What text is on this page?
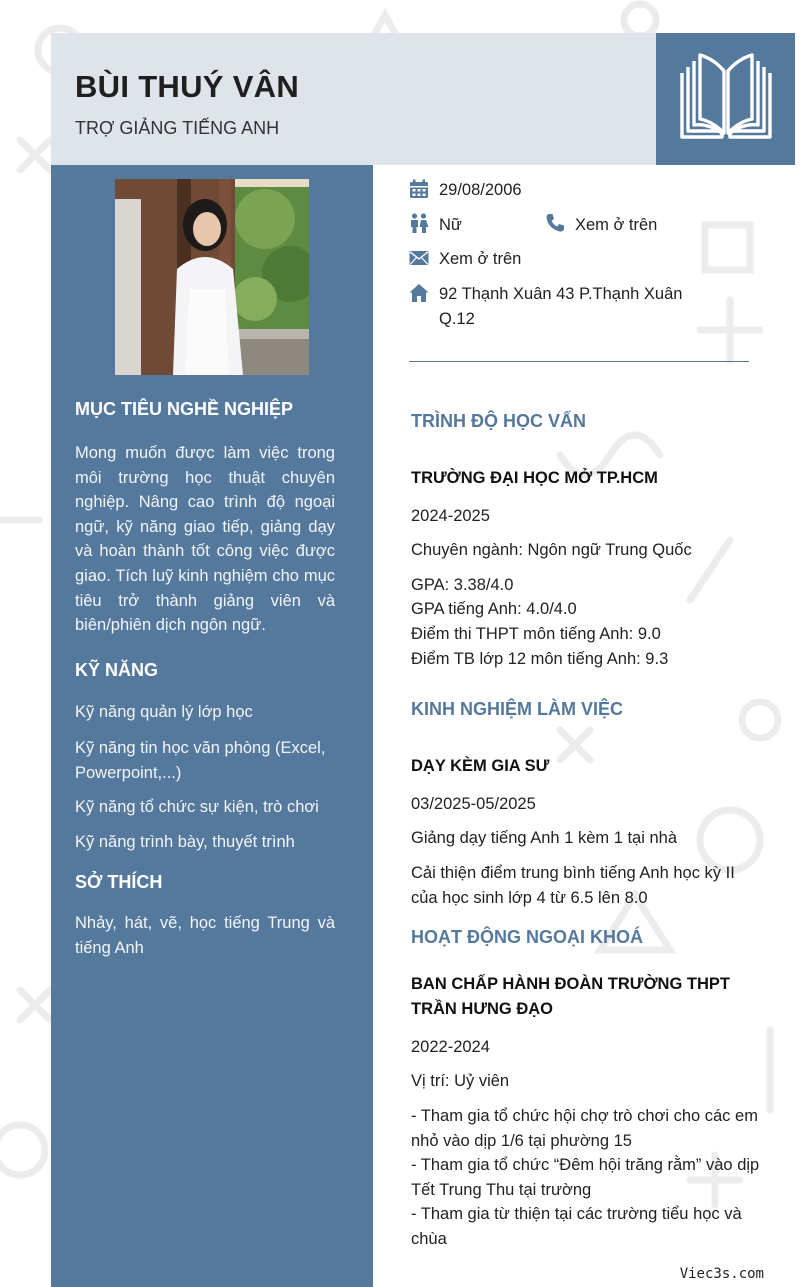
BÙI THUÝ VÂN
TRỢ GIẢNG TIẾNG ANH
MỤC TIÊU NGHỀ NGHIỆP

Mong muốn được làm việc trong môi trường học thuật chuyên nghiệp. Nâng cao trình độ ngoại ngữ, kỹ năng giao tiếp, giảng dạy và hoàn thành tốt công việc được giao. Tích luỹ kinh nghiệm cho mục tiêu trở thành giảng viên và biên/phiên dịch ngôn ngữ.

KỸ NĂNG
Kỹ năng quản lý lớp học
Kỹ năng tin học văn phòng (Excel, Powerpoint,...)
Kỹ năng tổ chức sự kiện, trò chơi
Kỹ năng trình bày, thuyết trình
SỞ THÍCH

Nhảy, hát, vẽ, học tiếng Trung và tiếng Anh

29/08/2006
Nữ	Xem ở trên
Xem ở trên
92 Thạnh Xuân 43 P.Thạnh Xuân
Q.12
TRÌNH ĐỘ HỌC VẤN
TRƯỜNG ĐẠI HỌC MỞ TP.HCM
2024-2025
Chuyên ngành: Ngôn ngữ Trung Quốc
GPA: 3.38/4.0
GPA tiếng Anh: 4.0/4.0
Điểm thi THPT môn tiếng Anh: 9.0
Điểm TB lớp 12 môn tiếng Anh: 9.3
KINH NGHIỆM LÀM VIỆC
DẠY KÈM GIA SƯ
03/2025-05/2025
Giảng dạy tiếng Anh 1 kèm 1 tại nhà
Cải thiện điểm trung bình tiếng Anh học kỳ II của học sinh lớp 4 từ 6.5 lên 8.0
HOẠT ĐỘNG NGOẠI KHOÁ
BAN CHẤP HÀNH ĐOÀN TRƯỜNG THPT TRẦN HƯNG ĐẠO
2022-2024
Vị trí: Uỷ viên
- Tham gia tổ chức hội chợ trò chơi cho các em nhỏ vào dịp 1/6 tại phường 15
- Tham gia tổ chức “Đêm hội trăng rằm” vào dịp Tết Trung Thu tại trường
- Tham gia từ thiện tại các trường tiểu học và chùa
Viec3s.com
